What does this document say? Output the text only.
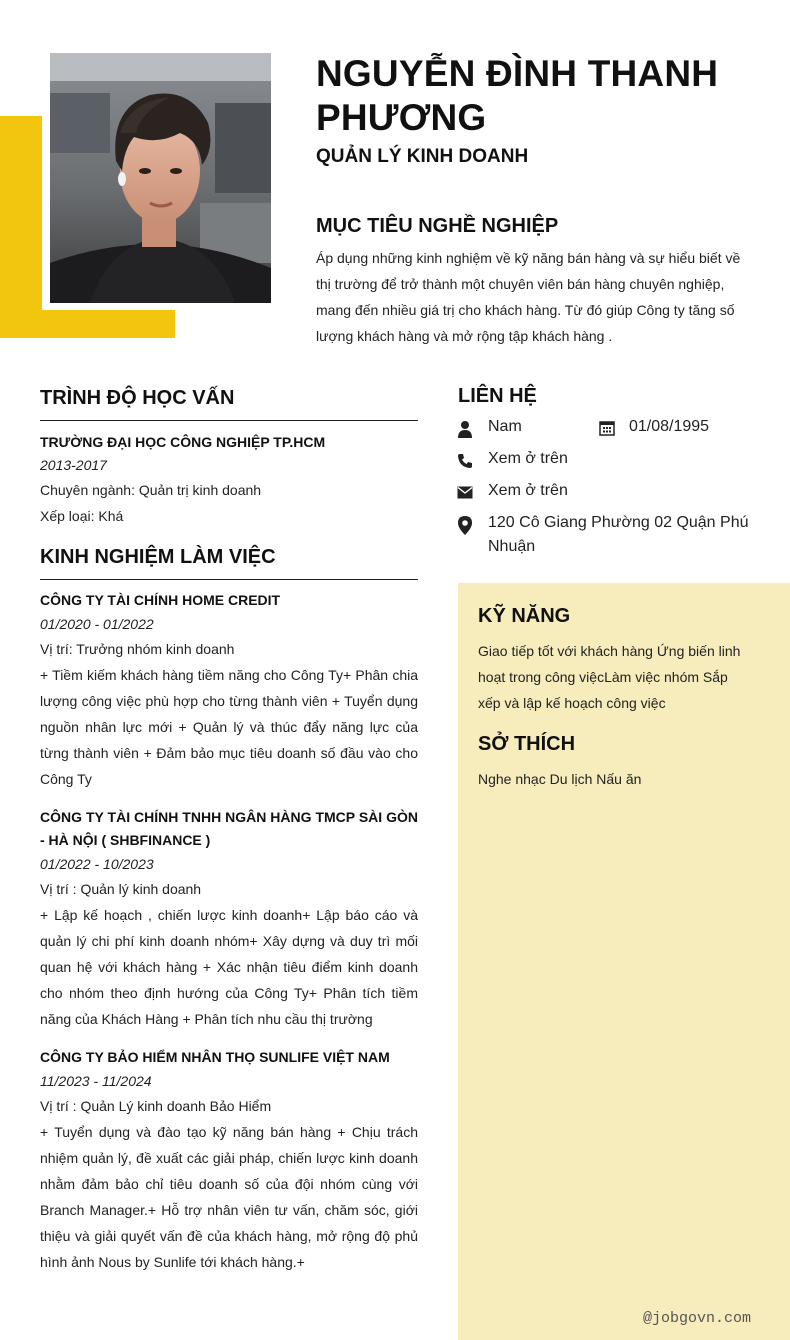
NGUYỄN ĐÌNH THANH PHƯƠNG
QUẢN LÝ KINH DOANH
MỤC TIÊU NGHỀ NGHIỆP
Áp dụng những kinh nghiệm về kỹ năng bán hàng và sự hiểu biết về thị trường để trở thành một chuyên viên bán hàng chuyên nghiệp, mang đến nhiều giá trị cho khách hàng. Từ đó giúp Công ty tăng số lượng khách hàng và mở rộng tập khách hàng .
TRÌNH ĐỘ HỌC VẤN
TRƯỜNG ĐẠI HỌC CÔNG NGHIỆP TP.HCM
2013-2017
Chuyên ngành: Quản trị kinh doanh
Xếp loại: Khá
KINH NGHIỆM LÀM VIỆC
CÔNG TY TÀI CHÍNH HOME CREDIT
01/2020 - 01/2022
Vị trí: Trưởng nhóm kinh doanh
+ Tiềm kiếm khách hàng tiềm năng cho Công Ty+ Phân chia lượng công việc phù hợp cho từng thành viên + Tuyển dụng nguồn nhân lực mới + Quản lý và thúc đẩy năng lực của từng thành viên + Đảm bảo mục tiêu doanh số đầu vào cho Công Ty
CÔNG TY TÀI CHÍNH TNHH NGÂN HÀNG TMCP SÀI GÒN - HÀ NỘI ( SHBFINANCE )
01/2022 - 10/2023
Vị trí : Quản lý kinh doanh
+ Lập kế hoạch , chiến lược kinh doanh+ Lập báo cáo và quản lý chi phí kinh doanh nhóm+ Xây dựng và duy trì mối quan hệ với khách hàng + Xác nhận tiêu điểm kinh doanh cho nhóm theo định hướng của Công Ty+ Phân tích tiềm năng của Khách Hàng + Phân tích nhu cầu thị trường
CÔNG TY BẢO HIỂM NHÂN THỌ SUNLIFE VIỆT NAM
11/2023 - 11/2024
Vị trí : Quản Lý kinh doanh Bảo Hiểm
+ Tuyển dụng và đào tạo kỹ năng bán hàng + Chịu trách nhiệm quản lý, đề xuất các giải pháp, chiến lược kinh doanh nhằm đảm bảo chỉ tiêu doanh số của đội nhóm cùng với Branch Manager.+ Hỗ trợ nhân viên tư vấn, chăm sóc, giới thiệu và giải quyết vấn đề của khách hàng, mở rộng độ phủ hình ảnh Nous by Sunlife tới khách hàng.+
LIÊN HỆ
Nam	01/08/1995
Xem ở trên
Xem ở trên
120 Cô Giang Phường 02 Quận Phú Nhuận
KỸ NĂNG
Giao tiếp tốt với khách hàng Ứng biến linh hoạt trong công việcLàm việc nhóm Sắp xếp và lập kế hoạch công việc
SỞ THÍCH
Nghe nhạc Du lịch Nấu ăn
@jobgovn.com
